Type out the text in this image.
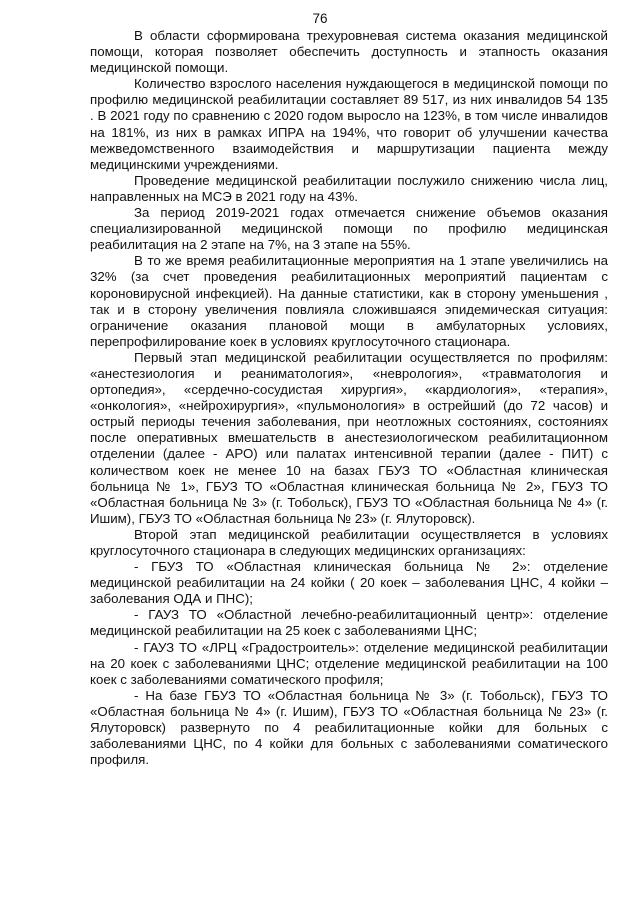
76

В области сформирована трехуровневая система оказания медицинской помощи, которая позволяет обеспечить доступность и этапность оказания медицинской помощи.

Количество взрослого населения нуждающегося в медицинской помощи по профилю медицинской реабилитации составляет 89 517, из них инвалидов 54 135 . В 2021 году по сравнению с 2020 годом выросло на 123%, в том числе инвалидов на 181%, из них в рамках ИПРА на 194%, что говорит об улучшении качества межведомственного взаимодействия и маршрутизации пациента между медицинскими учреждениями.

Проведение медицинской реабилитации послужило снижению числа лиц, направленных на МСЭ в 2021 году на 43%.

За период 2019-2021 годах отмечается снижение объемов оказания специализированной медицинской помощи по профилю медицинская реабилитация на 2 этапе на 7%, на 3 этапе на 55%.

В то же время реабилитационные мероприятия на 1 этапе увеличились на 32% (за счет проведения реабилитационных мероприятий пациентам с короновирусной инфекцией). На данные статистики, как в сторону уменьшения , так и в сторону увеличения повлияла сложившаяся эпидемическая ситуация: ограничение оказания плановой мощи в амбулаторных условиях, перепрофилирование коек в условиях круглосуточного стационара.

Первый этап медицинской реабилитации осуществляется по профилям: «анестезиология и реаниматология», «неврология», «травматология и ортопедия», «сердечно-сосудистая хирургия», «кардиология», «терапия», «онкология», «нейрохирургия», «пульмонология» в острейший (до 72 часов) и острый периоды течения заболевания, при неотложных состояниях, состояниях после оперативных вмешательств в анестезиологическом реабилитационном отделении (далее - АРО) или палатах интенсивной терапии (далее - ПИТ) с количеством коек не менее 10 на базах ГБУЗ ТО «Областная клиническая больница № 1», ГБУЗ ТО «Областная клиническая больница № 2», ГБУЗ ТО «Областная больница № 3» (г. Тобольск), ГБУЗ ТО «Областная больница № 4» (г. Ишим), ГБУЗ ТО «Областная больница № 23» (г. Ялуторовск).

Второй этап медицинской реабилитации осуществляется в условиях круглосуточного стационара в следующих медицинских организациях:

- ГБУЗ ТО «Областная клиническая больница № 2»: отделение медицинской реабилитации на 24 койки ( 20 коек – заболевания ЦНС, 4 койки – заболевания ОДА и ПНС);

- ГАУЗ ТО «Областной лечебно-реабилитационный центр»: отделение медицинской реабилитации на 25 коек с заболеваниями ЦНС;

- ГАУЗ ТО «ЛРЦ «Градостроитель»: отделение медицинской реабилитации на 20 коек с заболеваниями ЦНС; отделение медицинской реабилитации на 100 коек с заболеваниями соматического профиля;

- На базе ГБУЗ ТО «Областная больница № 3» (г. Тобольск), ГБУЗ ТО «Областная больница № 4» (г. Ишим), ГБУЗ ТО «Областная больница № 23» (г. Ялуторовск) развернуто по 4 реабилитационные койки для больных с заболеваниями ЦНС, по 4 койки для больных с заболеваниями соматического профиля.
